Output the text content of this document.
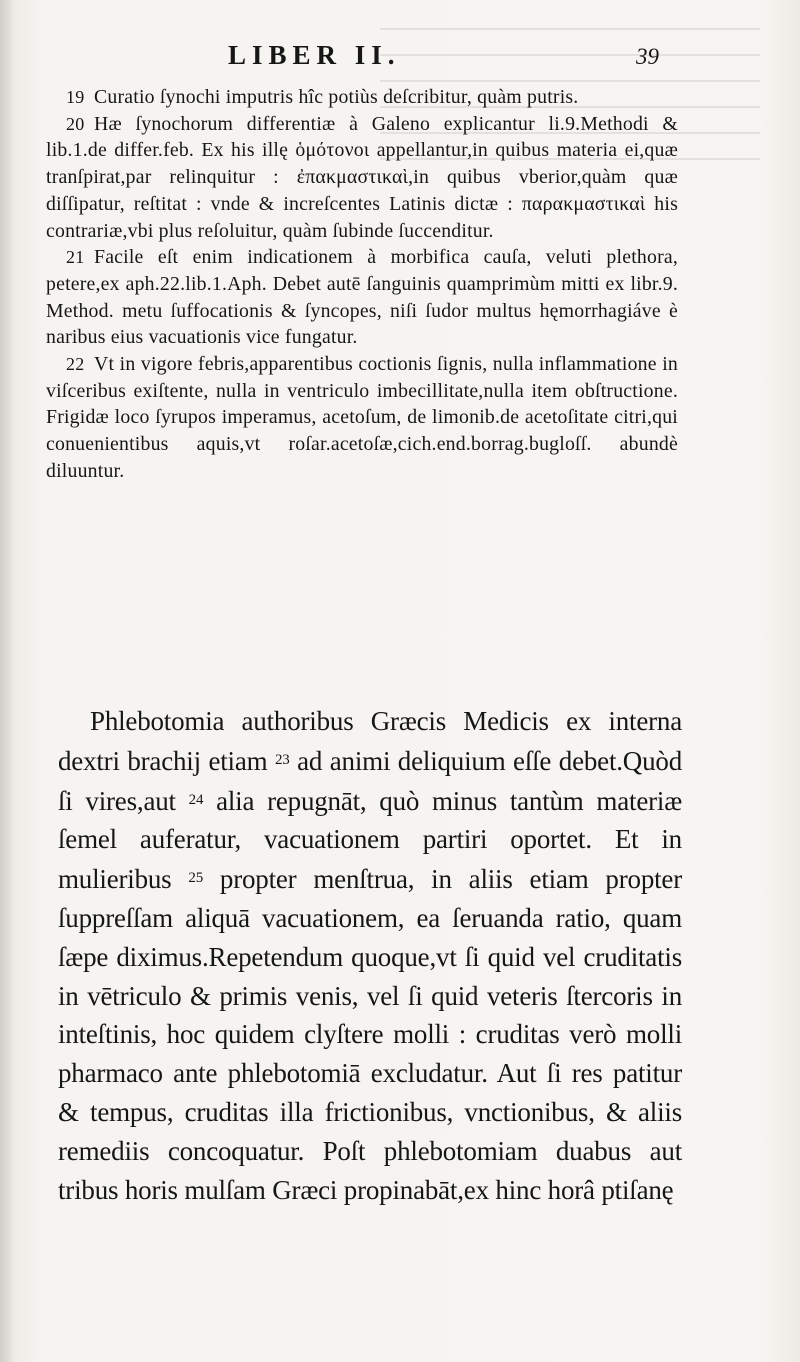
LIBER II.	39

19 Curatio ſynochi imputris hîc potiùs deſcribitur, quàm putris.

20 Hæ ſynochorum differentiæ à Galeno explicantur li.9.Methodi & lib.1.de differ.feb. Ex his illę ὁμότονοι appellantur,in quibus materia ei,quæ tranſpirat,par relinquitur : ἐπακμαστικαὶ,in quibus vberior,quàm quæ diſſipatur, reſtitat : vnde & increſcentes Latinis dictæ : παρακμαστικαὶ his contrariæ,vbi plus reſoluitur, quàm ſubinde ſuccenditur.

21 Facile eſt enim indicationem à morbifica cauſa, veluti plethora, petere,ex aph.22.lib.1.Aph. Debet autē ſanguinis quamprimùm mitti ex libr.9. Method. metu ſuffocationis & ſyncopes, niſi ſudor multus hęmorrhagiáve è naribus eius vacuationis vice fungatur.

22 Vt in vigore febris,apparentibus coctionis ſignis, nulla inflammatione in viſceribus exiſtente, nulla in ventriculo imbecillitate,nulla item obſtructione. Frigidæ loco ſyrupos imperamus, acetoſum, de limonib.de acetoſitate citri,qui conuenientibus aquis,vt roſar.acetoſæ,cich.end.borrag.bugloſſ. abundè diluuntur.

Phlebotomia authoribus Græcis Medicis ex interna dextri brachij etiam $^{23}$ ad animi deliquium eſſe debet.Quòd ſi vires,aut $^{24}$ alia repugnāt, quò minus tantùm materiæ ſemel auferatur, vacuationem partiri oportet. Et in mulieribus $^{25}$ propter menſtrua, in aliis etiam propter ſuppreſſam aliquā vacuationem, ea ſeruanda ratio, quam ſæpe diximus.Repetendum quoque,vt ſi quid vel cruditatis in vētriculo & primis venis, vel ſi quid veteris ſtercoris in inteſtinis, hoc quidem clyſtere molli : cruditas verò molli pharmaco ante phlebotomiā excludatur. Aut ſi res patitur & tempus, cruditas illa frictionibus, vnctionibus, & aliis remediis concoquatur. Poſt phlebotomiam duabus aut tribus horis mulſam Græci propinabāt,ex hinc horâ ptiſanę
